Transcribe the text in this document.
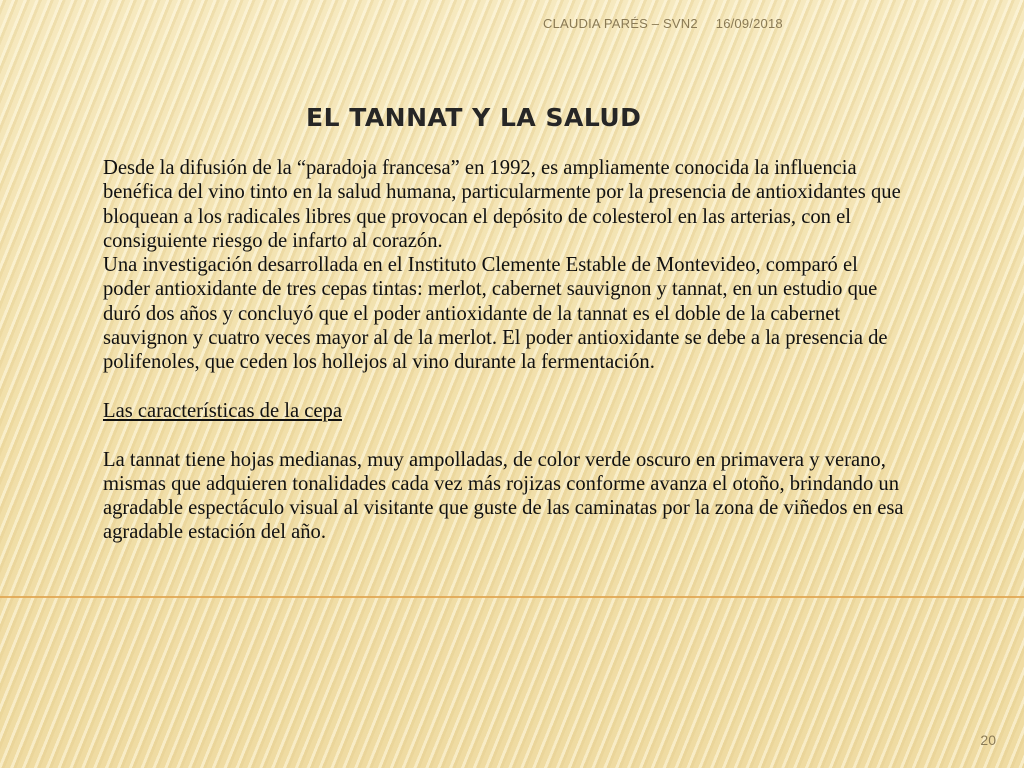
CLAUDIA PARÉS – SVN2 16/09/2018
EL TANNAT Y LA SALUD

Desde la difusión de la “paradoja francesa” en 1992, es ampliamente conocida la influencia benéfica del vino tinto en la salud humana, particularmente por la presencia de antioxidantes que bloquean a los radicales libres que provocan el depósito de colesterol en las arterias, con el consiguiente riesgo de infarto al corazón.

Una investigación desarrollada en el Instituto Clemente Estable de Montevideo, comparó el poder antioxidante de tres cepas tintas: merlot, cabernet sauvignon y tannat, en un estudio que duró dos años y concluyó que el poder antioxidante de la tannat es el doble de la cabernet sauvignon y cuatro veces mayor al de la merlot. El poder antioxidante se debe a la presencia de polifenoles, que ceden los hollejos al vino durante la fermentación.

Las características de la cepa

La tannat tiene hojas medianas, muy ampolladas, de color verde oscuro en primavera y verano, mismas que adquieren tonalidades cada vez más rojizas conforme avanza el otoño, brindando un agradable espectáculo visual al visitante que guste de las caminatas por la zona de viñedos en esa agradable estación del año.

20
